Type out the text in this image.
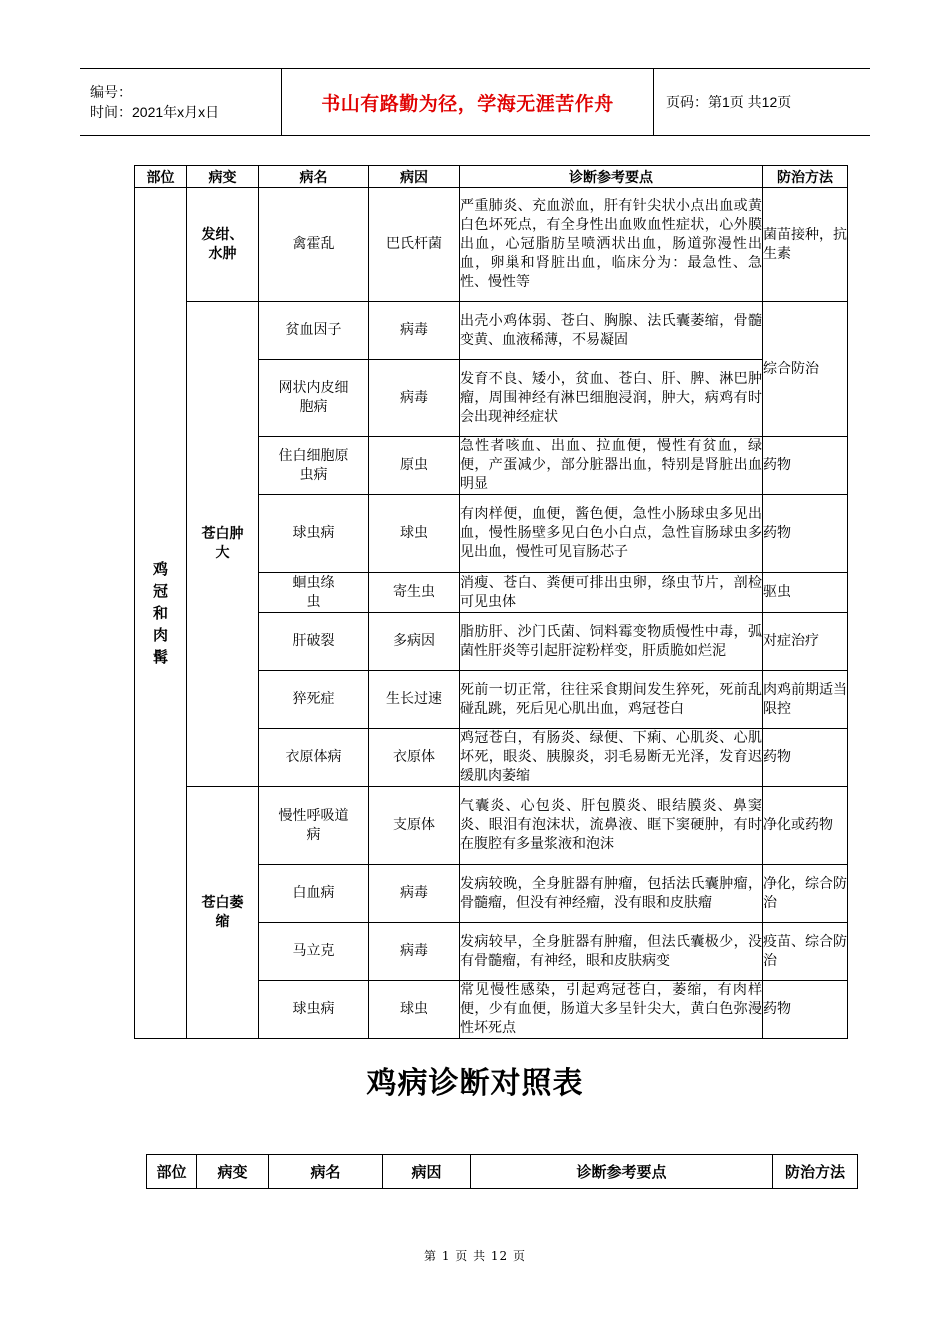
编号：
时间：2021年x月x日	书山有路勤为径，学海无涯苦作舟	页码：第1页 共12页
部位	病变	病名	病因	诊断参考要点	防治方法

鸡
冠
和
肉
髯	发绀、水肿	禽霍乱	巴氏杆菌	严重肺炎、充血淤血，肝有针尖状小点出血或黄白色坏死点，有全身性出血败血性症状，心外膜出血，心冠脂肪呈喷洒状出血，肠道弥漫性出血，卵巢和肾脏出血，临床分为：最急性、急性、慢性等	菌苗接种，抗生素

	苍白肿大	贫血因子	病毒	出壳小鸡体弱、苍白、胸腺、法氏囊萎缩，骨髓变黄、血液稀薄，不易凝固	综合防治

		网状内皮细胞病	病毒	发育不良、矮小，贫血、苍白、肝、脾、淋巴肿瘤，周围神经有淋巴细胞浸润，肿大，病鸡有时会出现神经症状	

		住白细胞原虫病	原虫	急性者咳血、出血、拉血便，慢性有贫血，绿便，产蛋减少，部分脏器出血，特别是肾脏出血明显	药物

		球虫病	球虫	有肉样便，血便，酱色便，急性小肠球虫多见出血，慢性肠壁多见白色小白点，急性盲肠球虫多见出血，慢性可见盲肠芯子	药物

		蛔虫绦虫	寄生虫	消瘦、苍白、粪便可排出虫卵，绦虫节片，剖检可见虫体	驱虫

		肝破裂	多病因	脂肪肝、沙门氏菌、饲料霉变物质慢性中毒，弧菌性肝炎等引起肝淀粉样变，肝质脆如烂泥	对症治疗

		猝死症	生长过速	死前一切正常，往往采食期间发生猝死，死前乱碰乱跳，死后见心肌出血，鸡冠苍白	肉鸡前期适当限控

		衣原体病	衣原体	鸡冠苍白，有肠炎、绿便、下痢、心肌炎、心肌坏死，眼炎、胰腺炎，羽毛易断无光泽，发育迟缓肌肉萎缩	药物

	苍白萎缩	慢性呼吸道病	支原体	气囊炎、心包炎、肝包膜炎、眼结膜炎、鼻窦炎、眼泪有泡沫状，流鼻液、眶下窦硬肿，有时在腹腔有多量浆液和泡沫	净化或药物

		白血病	病毒	发病较晚，全身脏器有肿瘤，包括法氏囊肿瘤，骨髓瘤，但没有神经瘤，没有眼和皮肤瘤	净化，综合防治

		马立克	病毒	发病较早，全身脏器有肿瘤，但法氏囊极少，没有骨髓瘤，有神经，眼和皮肤病变	疫苗、综合防治

		球虫病	球虫	常见慢性感染，引起鸡冠苍白，萎缩，有肉样便，少有血便，肠道大多呈针尖大，黄白色弥漫性坏死点	药物
鸡病诊断对照表
部位	病变	病名	病因	诊断参考要点	防治方法
第 1 页 共 12 页
